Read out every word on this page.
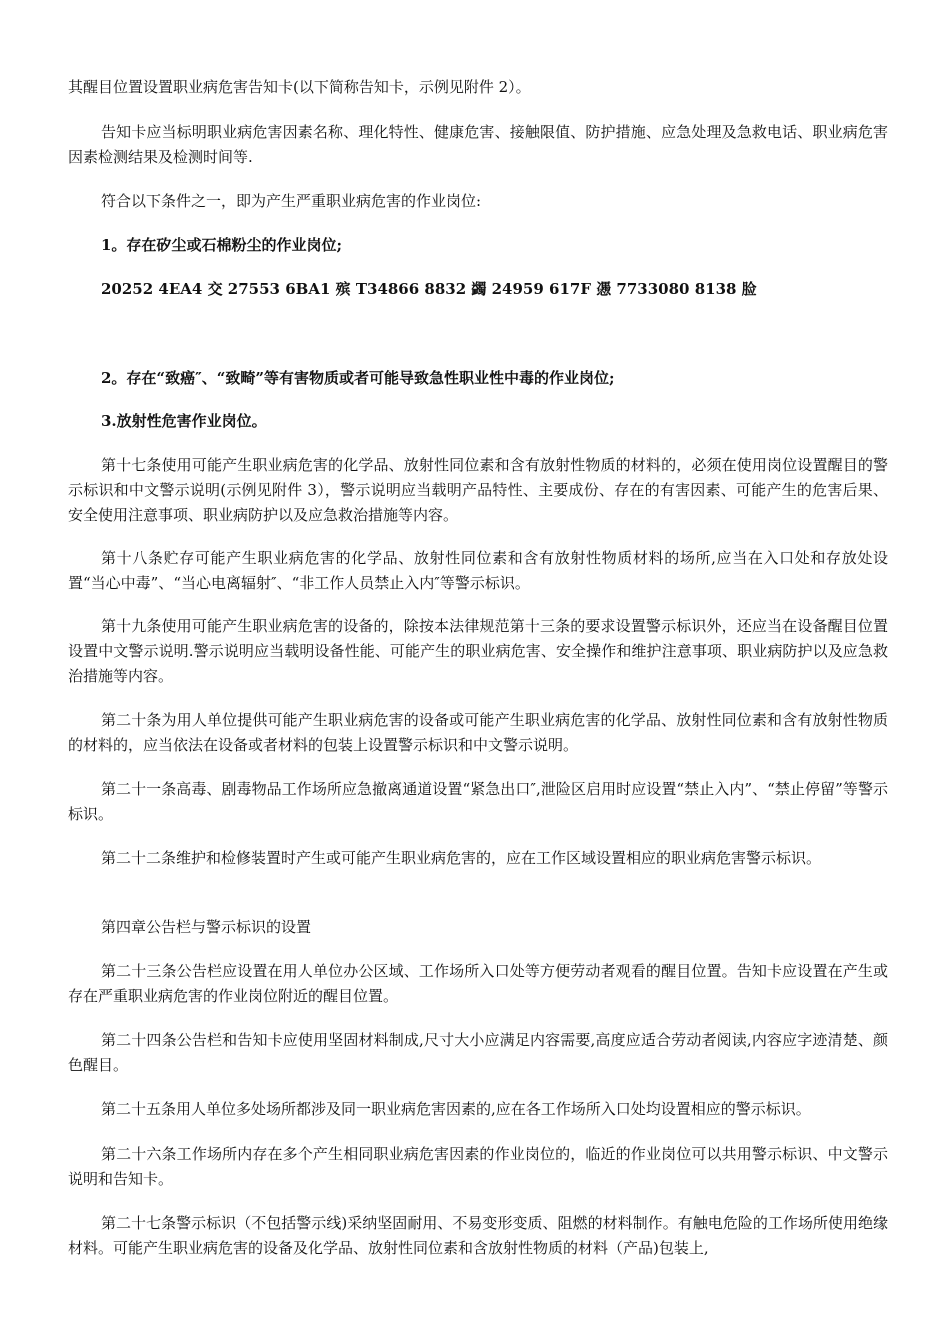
其醒目位置设置职业病危害告知卡(以下简称告知卡，示例见附件 2）。

告知卡应当标明职业病危害因素名称、理化特性、健康危害、接触限值、防护措施、应急处理及急救电话、职业病危害因素检测结果及检测时间等.

符合以下条件之一，即为产生严重职业病危害的作业岗位:

1。存在矽尘或石棉粉尘的作业岗位;

20252 4EA4 交 27553 6BA1 殡 T34866 8832 蠲 24959 617F 慿 7733080 8138 脸

2。存在“致癌″、“致畸”等有害物质或者可能导致急性职业性中毒的作业岗位;

3.放射性危害作业岗位。

第十七条使用可能产生职业病危害的化学品、放射性同位素和含有放射性物质的材料的，必须在使用岗位设置醒目的警示标识和中文警示说明(示例见附件 3），警示说明应当载明产品特性、主要成份、存在的有害因素、可能产生的危害后果、安全使用注意事项、职业病防护以及应急救治措施等内容。

第十八条贮存可能产生职业病危害的化学品、放射性同位素和含有放射性物质材料的场所,应当在入口处和存放处设置“当心中毒”、“当心电离辐射″、“非工作人员禁止入内″等警示标识。

第十九条使用可能产生职业病危害的设备的，除按本法律规范第十三条的要求设置警示标识外，还应当在设备醒目位置设置中文警示说明.警示说明应当载明设备性能、可能产生的职业病危害、安全操作和维护注意事项、职业病防护以及应急救治措施等内容。

第二十条为用人单位提供可能产生职业病危害的设备或可能产生职业病危害的化学品、放射性同位素和含有放射性物质的材料的，应当依法在设备或者材料的包装上设置警示标识和中文警示说明。

第二十一条高毒、剧毒物品工作场所应急撤离通道设置“紧急出口″,泄险区启用时应设置“禁止入内”、“禁止停留”等警示标识。

第二十二条维护和检修装置时产生或可能产生职业病危害的，应在工作区域设置相应的职业病危害警示标识。

第四章公告栏与警示标识的设置

第二十三条公告栏应设置在用人单位办公区域、工作场所入口处等方便劳动者观看的醒目位置。告知卡应设置在产生或存在严重职业病危害的作业岗位附近的醒目位置。

第二十四条公告栏和告知卡应使用坚固材料制成,尺寸大小应满足内容需要,高度应适合劳动者阅读,内容应字迹清楚、颜色醒目。

第二十五条用人单位多处场所都涉及同一职业病危害因素的,应在各工作场所入口处均设置相应的警示标识。

第二十六条工作场所内存在多个产生相同职业病危害因素的作业岗位的，临近的作业岗位可以共用警示标识、中文警示说明和告知卡。

第二十七条警示标识（不包括警示线)采纳坚固耐用、不易变形变质、阻燃的材料制作。有触电危险的工作场所使用绝缘材料。可能产生职业病危害的设备及化学品、放射性同位素和含放射性物质的材料（产品)包装上,
